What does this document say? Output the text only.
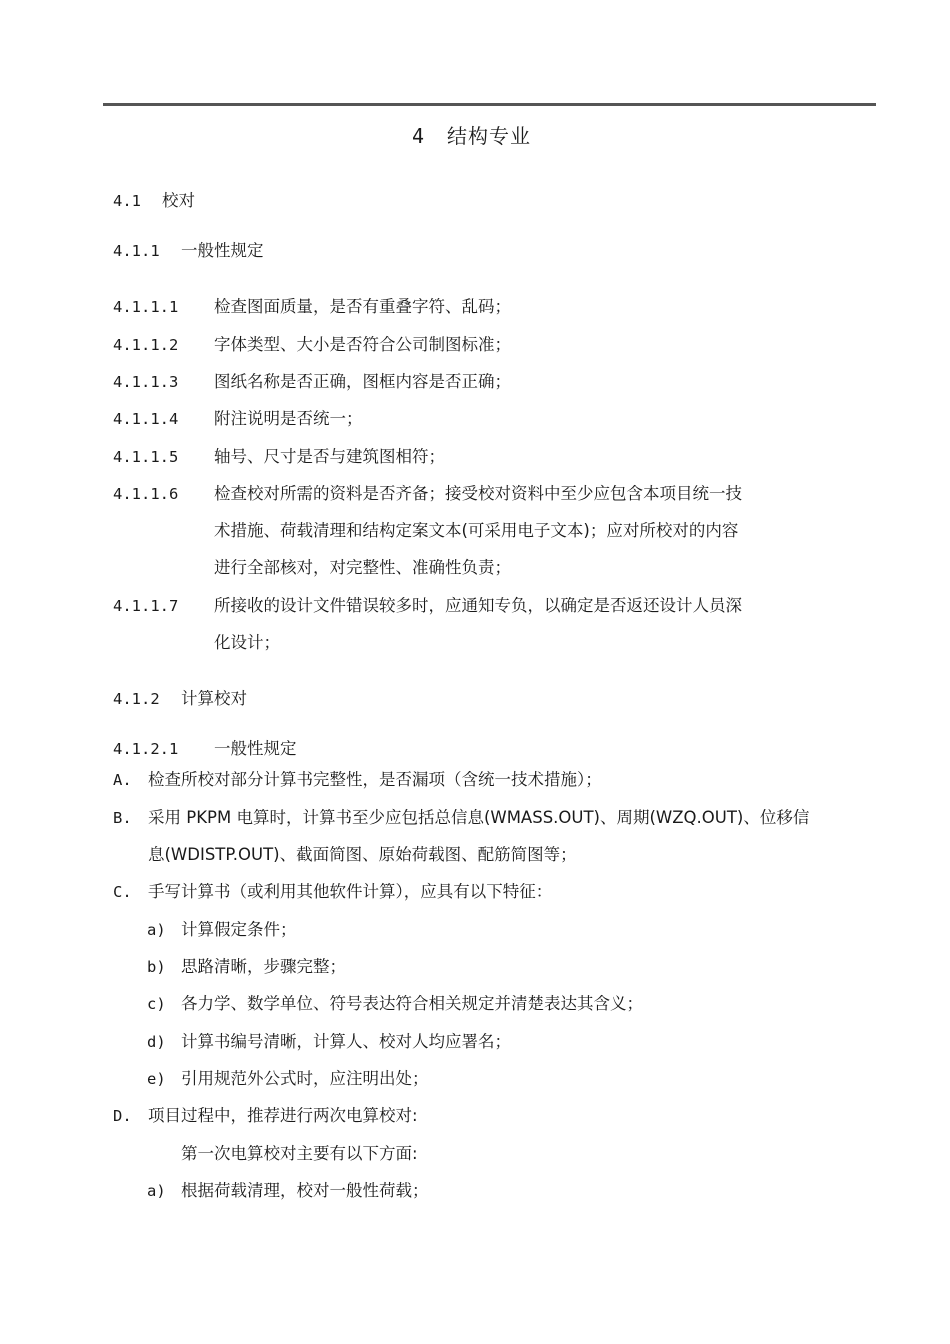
4 结构专业
4.1 校对
4.1.1 一般性规定
4.1.1.1 检查图面质量，是否有重叠字符、乱码；
4.1.1.2 字体类型、大小是否符合公司制图标准；
4.1.1.3 图纸名称是否正确，图框内容是否正确；
4.1.1.4 附注说明是否统一；
4.1.1.5 轴号、尺寸是否与建筑图相符；
4.1.1.6 检查校对所需的资料是否齐备；接受校对资料中至少应包含本项目统一技
术措施、荷载清理和结构定案文本(可采用电子文本)；应对所校对的内容
进行全部核对，对完整性、准确性负责；
4.1.1.7 所接收的设计文件错误较多时，应通知专负，以确定是否返还设计人员深
化设计；
4.1.2 计算校对
4.1.2.1 一般性规定
A. 检查所校对部分计算书完整性，是否漏项（含统一技术措施）；
B. 采用 PKPM 电算时，计算书至少应包括总信息(WMASS.OUT)、周期(WZQ.OUT)、位移信
息(WDISTP.OUT)、截面简图、原始荷载图、配筋简图等；
C. 手写计算书（或利用其他软件计算），应具有以下特征：
a) 计算假定条件；
b) 思路清晰，步骤完整；
c) 各力学、数学单位、符号表达符合相关规定并清楚表达其含义；
d) 计算书编号清晰，计算人、校对人均应署名；
e) 引用规范外公式时，应注明出处；
D. 项目过程中，推荐进行两次电算校对:
第一次电算校对主要有以下方面:
a) 根据荷载清理，校对一般性荷载；
